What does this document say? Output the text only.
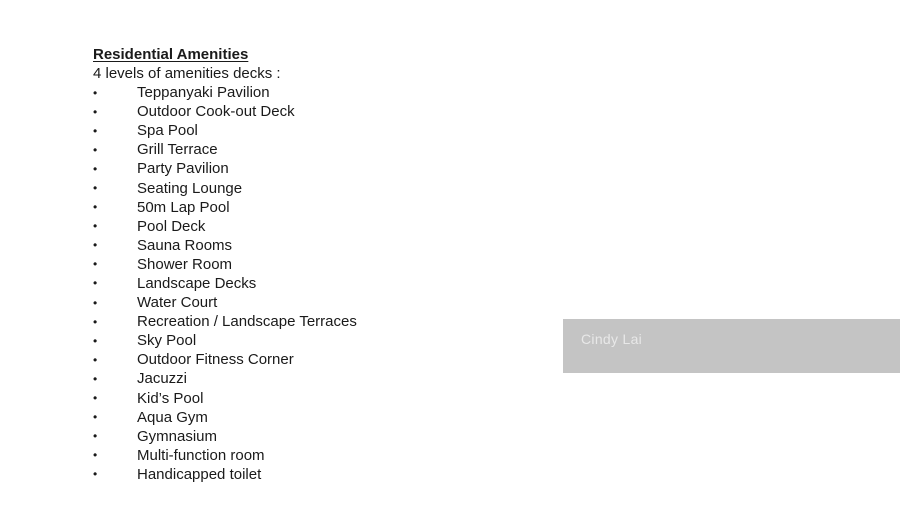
Residential Amenities

4 levels of amenities decks :

•	Teppanyaki Pavilion
•	Outdoor Cook-out Deck
•	Spa Pool
•	Grill Terrace
•	Party Pavilion
•	Seating Lounge
•	50m Lap Pool
•	Pool Deck
•	Sauna Rooms
•	Shower Room
•	Landscape Decks
•	Water Court
•	Recreation / Landscape Terraces
•	Sky Pool
•	Outdoor Fitness Corner
•	Jacuzzi
•	Kid’s Pool
•	Aqua Gym
•	Gymnasium
•	Multi-function room
•	Handicapped toilet
Cindy Lai
